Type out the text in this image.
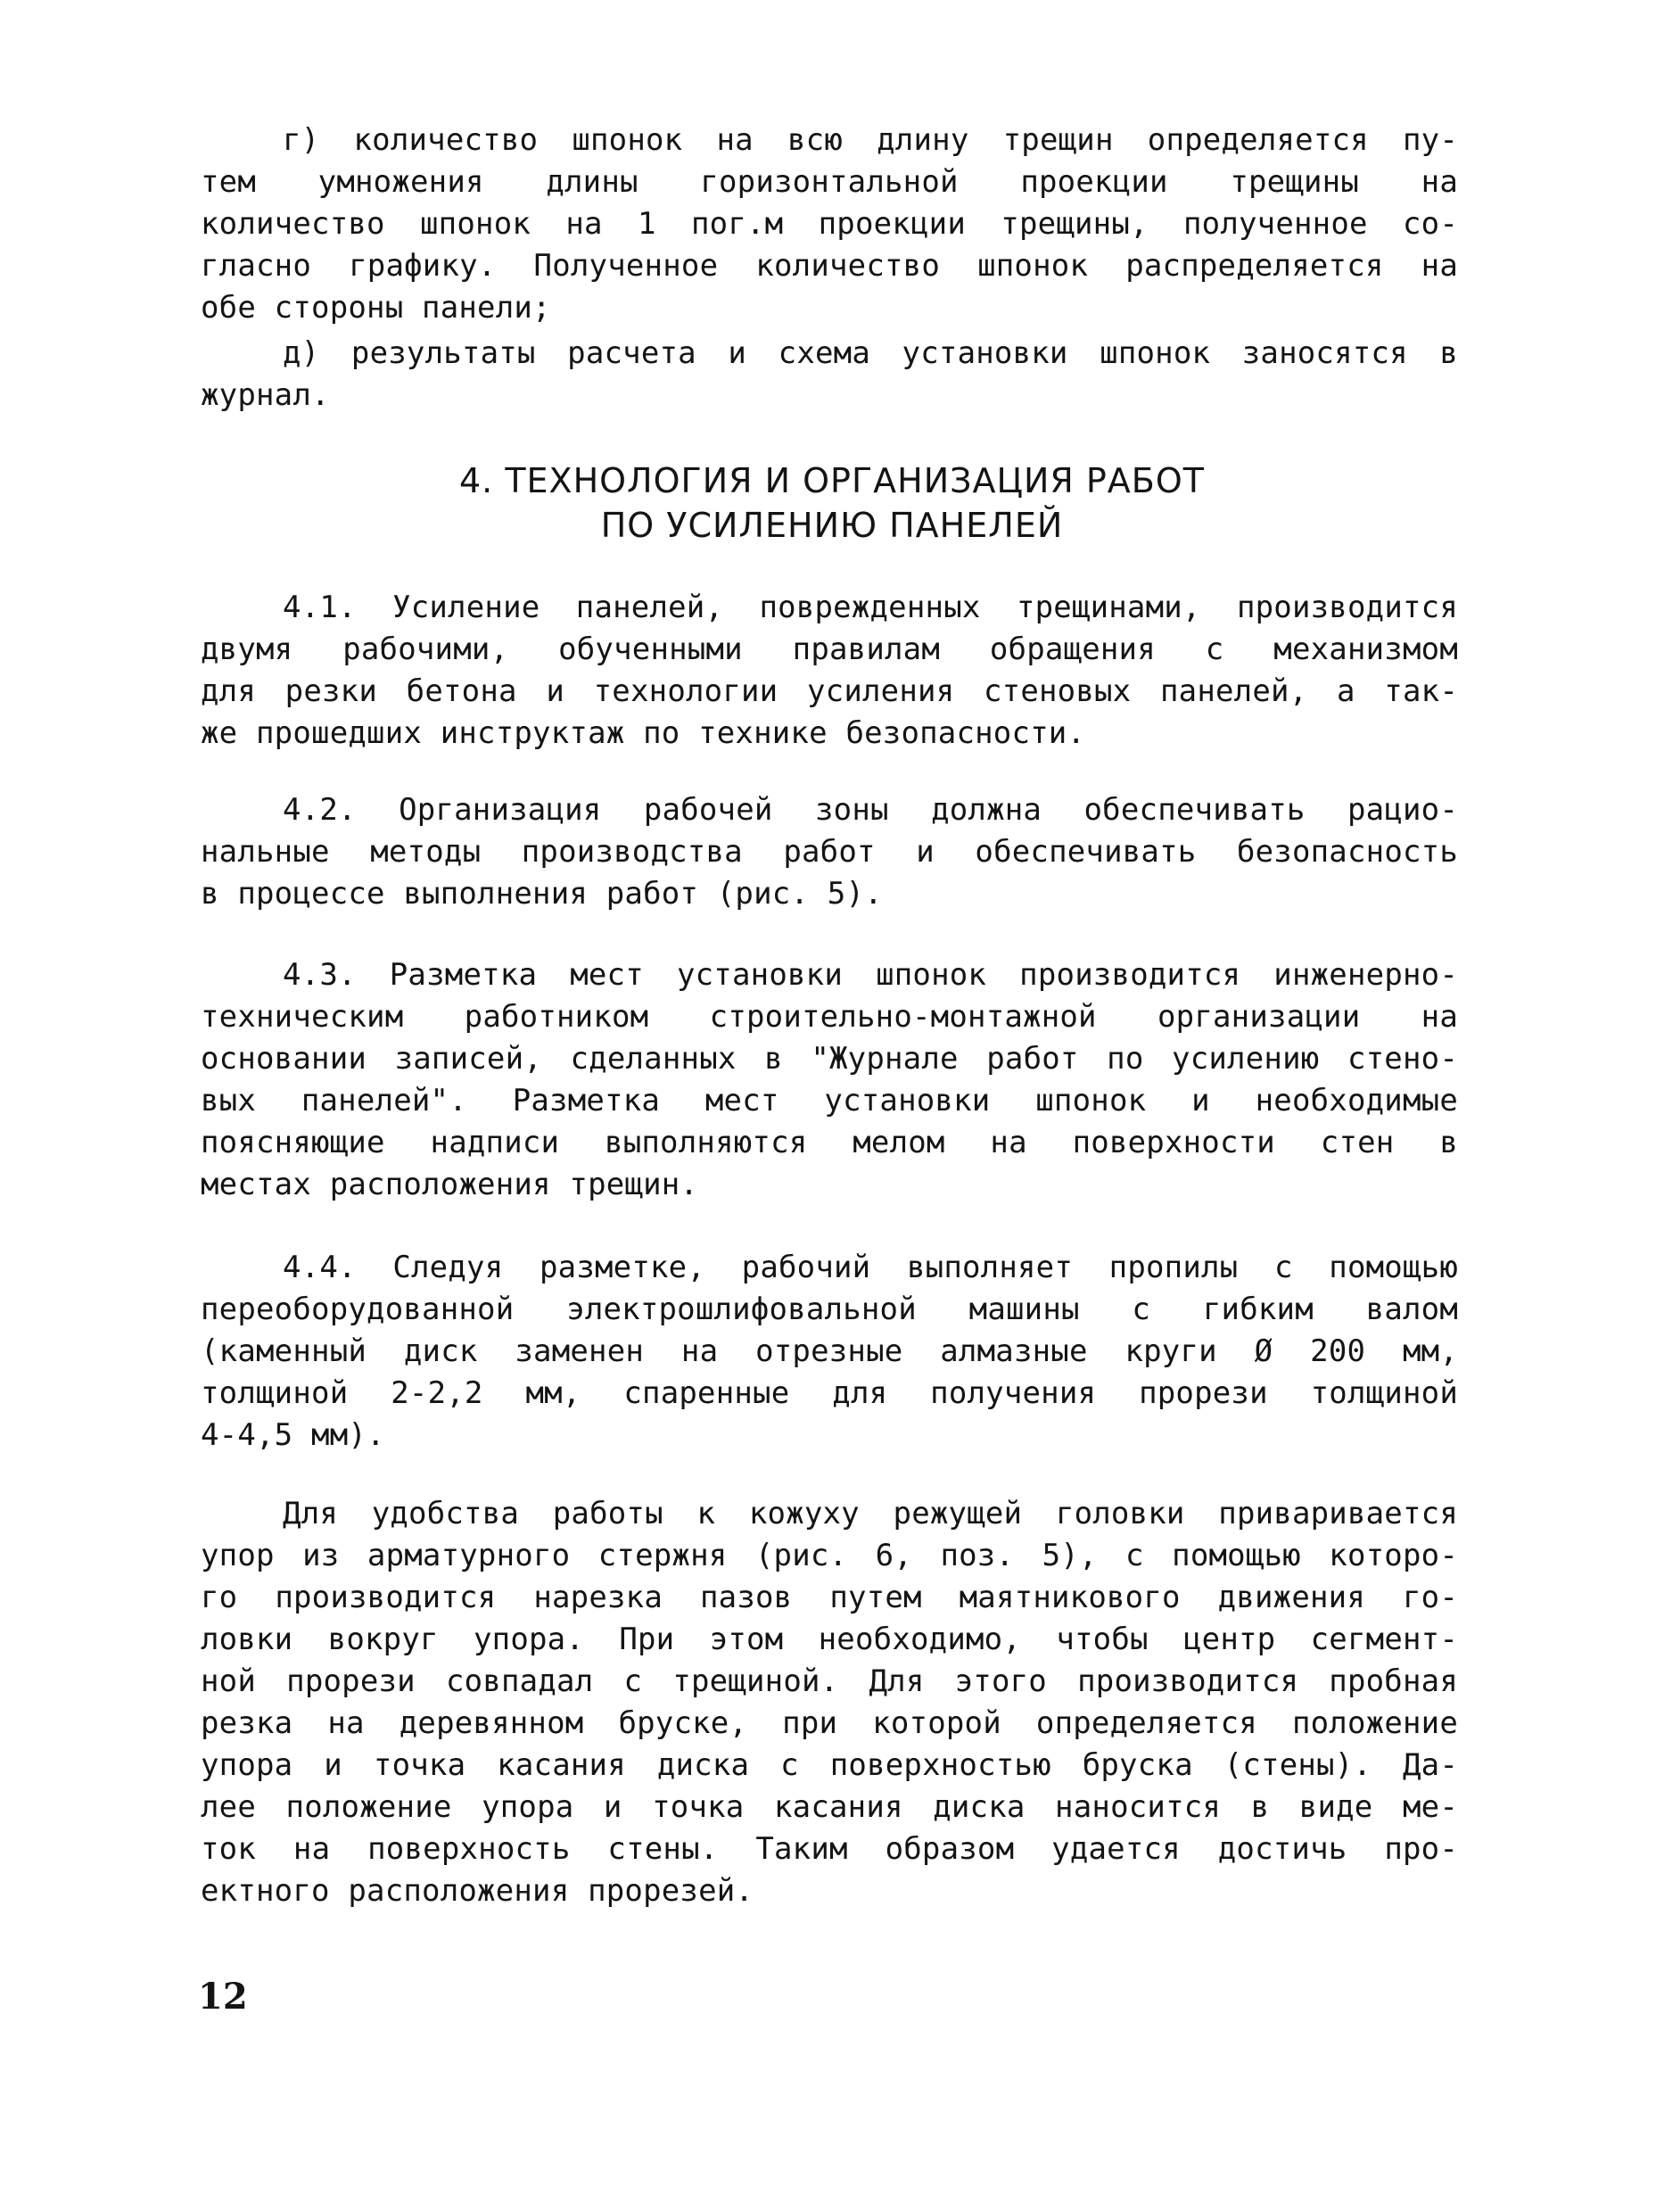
г) количество шпонок на всю длину трещин определяется пу-
тем умножения длины горизонтальной проекции трещины на
количество шпонок на 1 пог.м проекции трещины, полученное со-
гласно графику. Полученное количество шпонок распределяется на
обе стороны панели;
д) результаты расчета и схема установки шпонок заносятся в
журнал.
4. ТЕХНОЛОГИЯ И ОРГАНИЗАЦИЯ РАБОТ
ПО УСИЛЕНИЮ ПАНЕЛЕЙ
4.1. Усиление панелей, поврежденных трещинами, производится
двумя рабочими, обученными правилам обращения с механизмом
для резки бетона и технологии усиления стеновых панелей, а так-
же прошедших инструктаж по технике безопасности.
4.2. Организация рабочей зоны должна обеспечивать рацио-
нальные методы производства работ и обеспечивать безопасность
в процессе выполнения работ (рис. 5).
4.3. Разметка мест установки шпонок производится инженерно-
техническим работником строительно-монтажной организации на
основании записей, сделанных в "Журнале работ по усилению стено-
вых панелей". Разметка мест установки шпонок и необходимые
поясняющие надписи выполняются мелом на поверхности стен в
местах расположения трещин.
4.4. Следуя разметке, рабочий выполняет пропилы с помощью
переоборудованной электрошлифовальной машины с гибким валом
(каменный диск заменен на отрезные алмазные круги Ø 200 мм,
толщиной 2-2,2 мм, спаренные для получения прорези толщиной
4-4,5 мм).
Для удобства работы к кожуху режущей головки приваривается
упор из арматурного стержня (рис. 6, поз. 5), с помощью которо-
го производится нарезка пазов путем маятникового движения го-
ловки вокруг упора. При этом необходимо, чтобы центр сегмент-
ной прорези совпадал с трещиной. Для этого производится пробная
резка на деревянном бруске, при которой определяется положение
упора и точка касания диска с поверхностью бруска (стены). Да-
лее положение упора и точка касания диска наносится в виде ме-
ток на поверхность стены. Таким образом удается достичь про-
ектного расположения прорезей.
12
